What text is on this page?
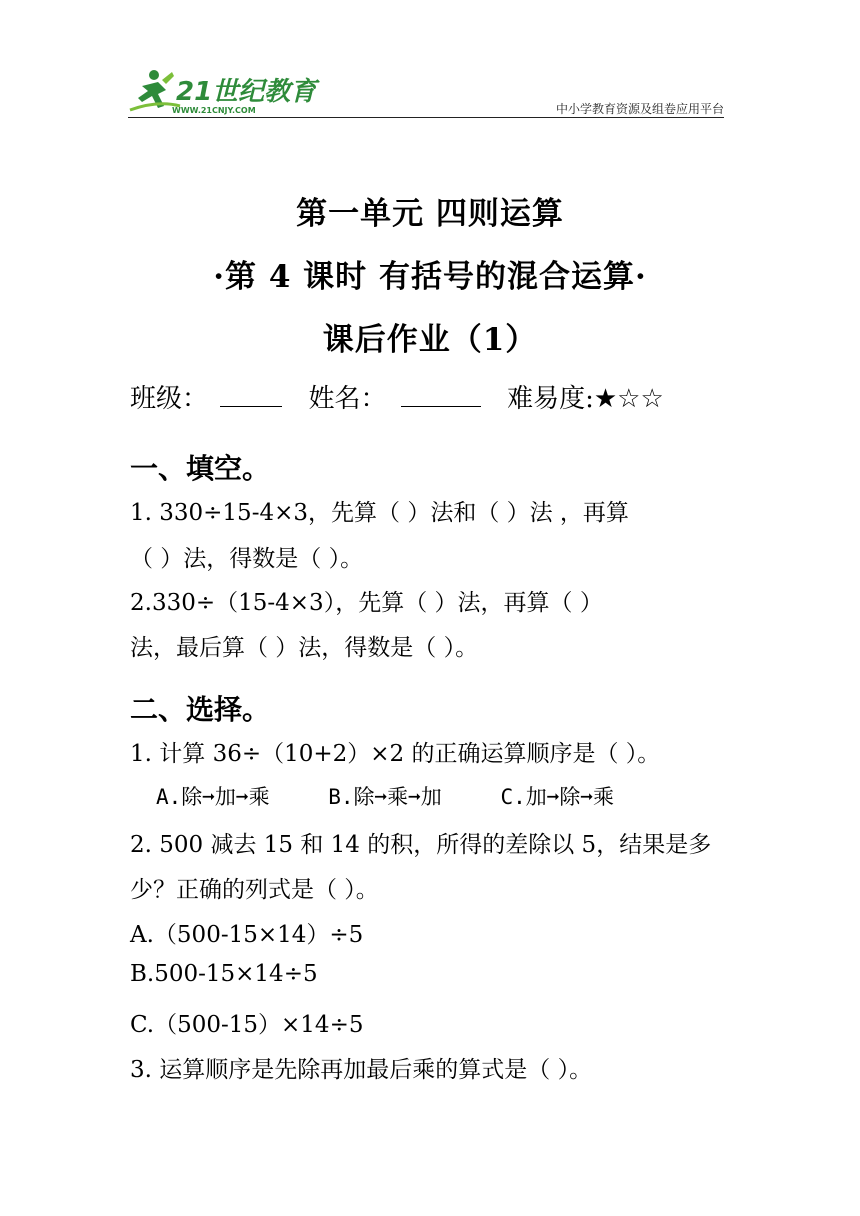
21世纪教育
WWW.21CNJY.COM	中小学教育资源及组卷应用平台
第一单元 四则运算
·第 4 课时 有括号的混合运算·
课后作业（1）
班级：	姓名：	难易度:★☆☆
一、填空。
1. 330÷15-4×3，先算（ ）法和（ ）法 ，再算
（ ）法，得数是（ ）。
2.330÷（15-4×3），先算（ ）法，再算（ ）
法，最后算（ ）法，得数是（ ）。
二、选择。
1. 计算 36÷（10+2）×2 的正确运算顺序是（ ）。
A.除➞加➞乘	B.除➞乘➞加	C.加➞除➞乘
2. 500 减去 15 和 14 的积，所得的差除以 5，结果是多
少？正确的列式是（ ）。
A.（500-15×14）÷5
B.500-15×14÷5
C.（500-15）×14÷5
3. 运算顺序是先除再加最后乘的算式是（ ）。
